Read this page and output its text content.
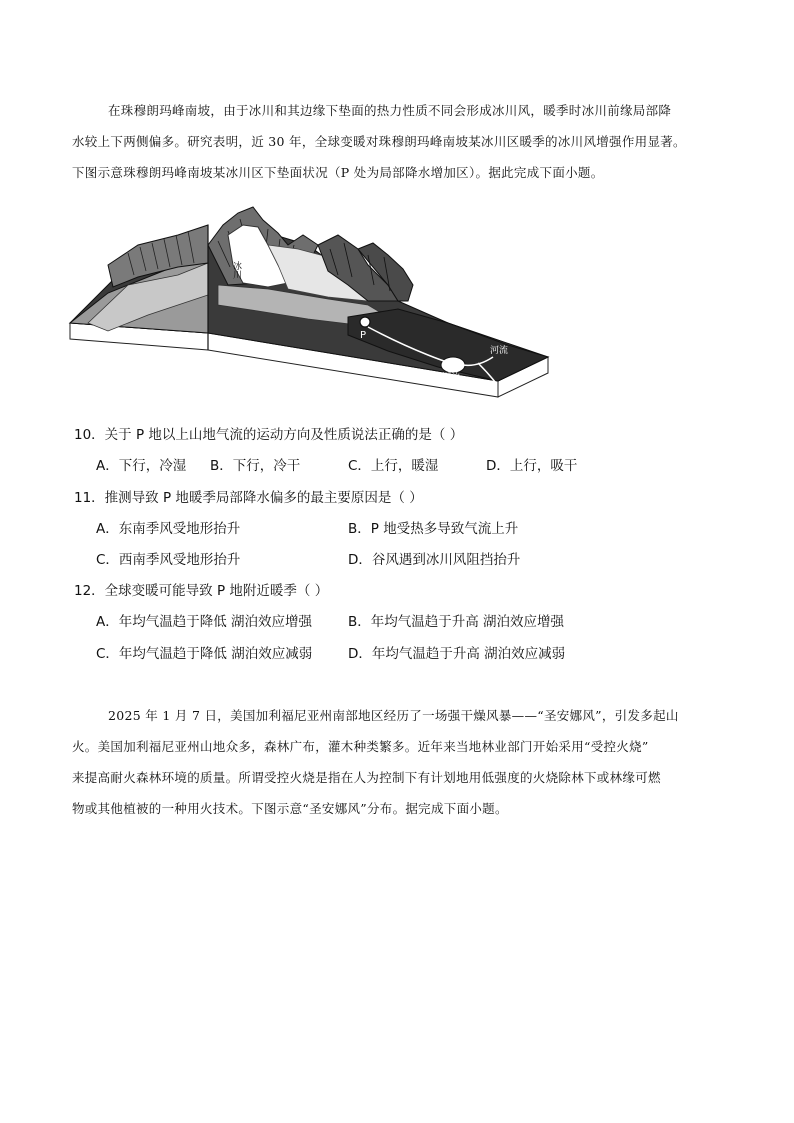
在珠穆朗玛峰南坡，由于冰川和其边缘下垫面的热力性质不同会形成冰川风，暖季时冰川前缘局部降
水较上下两侧偏多。研究表明，近 30 年，全球变暖对珠穆朗玛峰南坡某冰川区暖季的冰川风增强作用显著。
下图示意珠穆朗玛峰南坡某冰川区下垫面状况（P 处为局部降水增加区）。据此完成下面小题。
冰川
P
河流
湖泊
10．关于 P 地以上山地气流的运动方向及性质说法正确的是（ ）
A．下行，冷湿 B．下行，冷干	C．上行，暖湿	D．上行，吸干
11．推测导致 P 地暖季局部降水偏多的最主要原因是（ ）
A．东南季风受地形抬升	B．P 地受热多导致气流上升
C．西南季风受地形抬升	D．谷风遇到冰川风阻挡抬升
12．全球变暖可能导致 P 地附近暖季（ ）
A．年均气温趋于降低 湖泊效应增强	B．年均气温趋于升高 湖泊效应增强
C．年均气温趋于降低 湖泊效应减弱	D．年均气温趋于升高 湖泊效应减弱
2025 年 1 月 7 日，美国加利福尼亚州南部地区经历了一场强干燥风暴——“圣安娜风”，引发多起山
火。美国加利福尼亚州山地众多，森林广布，灌木种类繁多。近年来当地林业部门开始采用“受控火烧”
来提高耐火森林环境的质量。所谓受控火烧是指在人为控制下有计划地用低强度的火烧除林下或林缘可燃
物或其他植被的一种用火技术。下图示意“圣安娜风”分布。据完成下面小题。
